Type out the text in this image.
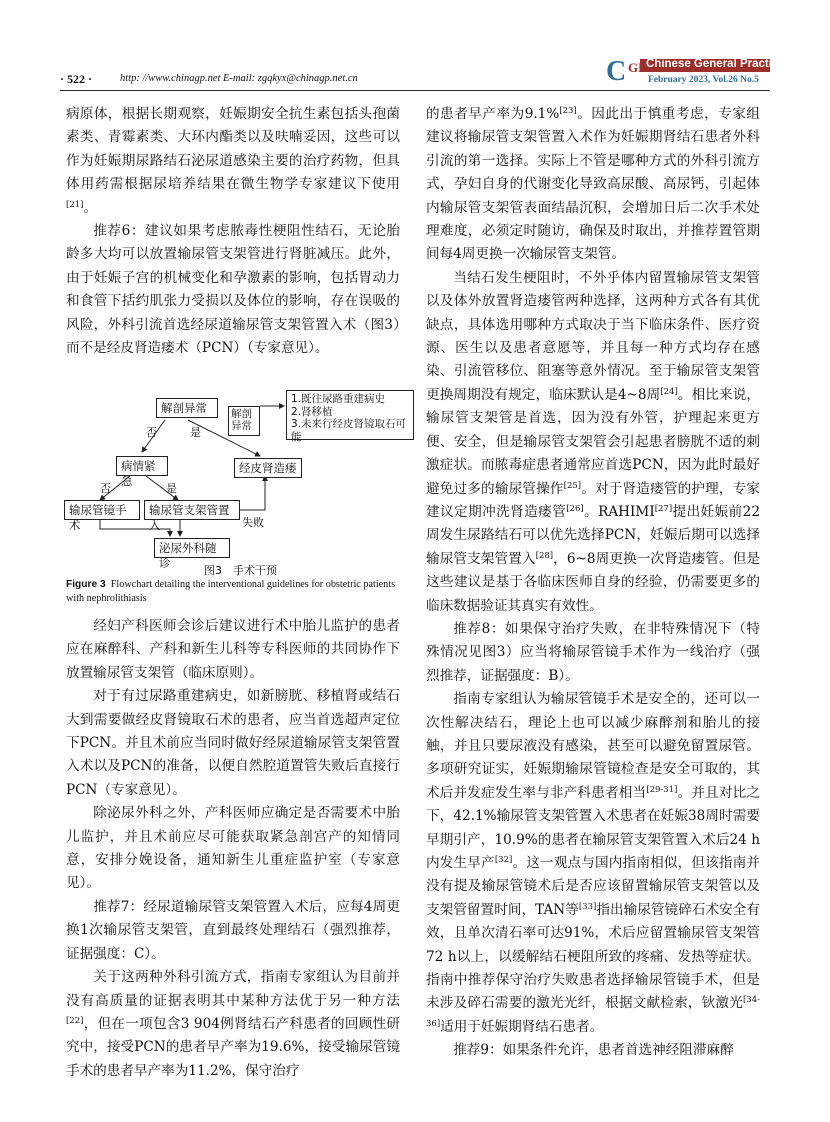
· 522 ·	http: //www.chinagp.net E-mail: zgqkyx@chinagp.net.cn	C GP Chinese General Practice
February 2023, Vol.26 No.5

病原体，根据长期观察，妊娠期安全抗生素包括头孢菌素类、青霉素类、大环内酯类以及呋喃妥因，这些可以作为妊娠期尿路结石泌尿道感染主要的治疗药物，但具体用药需根据尿培养结果在微生物学专家建议下使用[21]。

推荐6：建议如果考虑脓毒性梗阻性结石，无论胎龄多大均可以放置输尿管支架管进行肾脏减压。此外，由于妊娠子宫的机械变化和孕激素的影响，包括胃动力和食管下括约肌张力受损以及体位的影响，存在误吸的风险，外科引流首选经尿道输尿管支架管置入术（图3）而不是经皮肾造瘘术（PCN）（专家意见）。

解剖异常	解剖
异常
1.既往尿路重建病史
2.肾移植
3.未来行经皮肾镜取石可能
病情紧急
经皮肾造瘘
输尿管镜手术
输尿管支架管置入
泌尿外科随诊
否	是
否	是
失败
图3　手术干预
Figure 3 Flowchart detailing the interventional guidelines for obstetric patients with nephrolithiasis

经妇产科医师会诊后建议进行术中胎儿监护的患者应在麻醉科、产科和新生儿科等专科医师的共同协作下放置输尿管支架管（临床原则）。

对于有过尿路重建病史，如新膀胱、移植肾或结石大到需要做经皮肾镜取石术的患者，应当首选超声定位下PCN。并且术前应当同时做好经尿道输尿管支架管置入术以及PCN的准备，以便自然腔道置管失败后直接行PCN（专家意见）。

除泌尿外科之外，产科医师应确定是否需要术中胎儿监护，并且术前应尽可能获取紧急剖宫产的知情同意，安排分娩设备，通知新生儿重症监护室（专家意见）。

推荐7：经尿道输尿管支架管置入术后，应每4周更换1次输尿管支架管，直到最终处理结石（强烈推荐，证据强度：C）。

关于这两种外科引流方式，指南专家组认为目前并没有高质量的证据表明其中某种方法优于另一种方法[22]，但在一项包含3 904例肾结石产科患者的回顾性研究中，接受PCN的患者早产率为19.6%，接受输尿管镜手术的患者早产率为11.2%，保守治疗

的患者早产率为9.1%[23]。因此出于慎重考虑，专家组建议将输尿管支架管置入术作为妊娠期肾结石患者外科引流的第一选择。实际上不管是哪种方式的外科引流方式，孕妇自身的代谢变化导致高尿酸、高尿钙，引起体内输尿管支架管表面结晶沉积，会增加日后二次手术处理难度，必须定时随访，确保及时取出，并推荐置管期间每4周更换一次输尿管支架管。

当结石发生梗阻时，不外乎体内留置输尿管支架管以及体外放置肾造瘘管两种选择，这两种方式各有其优缺点，具体选用哪种方式取决于当下临床条件、医疗资源、医生以及患者意愿等，并且每一种方式均存在感染、引流管移位、阻塞等意外情况。至于输尿管支架管更换周期没有规定，临床默认是4~8周[24]。相比来说，输尿管支架管是首选，因为没有外管，护理起来更方便、安全，但是输尿管支架管会引起患者膀胱不适的刺激症状。而脓毒症患者通常应首选PCN，因为此时最好避免过多的输尿管操作[25]。对于肾造瘘管的护理，专家建议定期冲洗肾造瘘管[26]。RAHIMI[27]提出妊娠前22周发生尿路结石可以优先选择PCN，妊娠后期可以选择输尿管支架管置入[28]，6~8周更换一次肾造瘘管。但是这些建议是基于各临床医师自身的经验，仍需要更多的临床数据验证其真实有效性。

推荐8：如果保守治疗失败，在非特殊情况下（特殊情况见图3）应当将输尿管镜手术作为一线治疗（强烈推荐，证据强度：B）。

指南专家组认为输尿管镜手术是安全的，还可以一次性解决结石，理论上也可以减少麻醉剂和胎儿的接触，并且只要尿液没有感染，甚至可以避免留置尿管。多项研究证实，妊娠期输尿管镜检查是安全可取的，其术后并发症发生率与非产科患者相当[29-31]。并且对比之下，42.1%输尿管支架管置入术患者在妊娠38周时需要早期引产，10.9%的患者在输尿管支架管置入术后24 h内发生早产[32]。这一观点与国内指南相似，但该指南并没有提及输尿管镜术后是否应该留置输尿管支架管以及支架管留置时间，TAN等[33]指出输尿管镜碎石术安全有效，且单次清石率可达91%，术后应留置输尿管支架管72 h以上，以缓解结石梗阻所致的疼痛、发热等症状。指南中推荐保守治疗失败患者选择输尿管镜手术，但是未涉及碎石需要的激光光纤，根据文献检索，钬激光[34-36]适用于妊娠期肾结石患者。

推荐9：如果条件允许，患者首选神经阻滞麻醉
